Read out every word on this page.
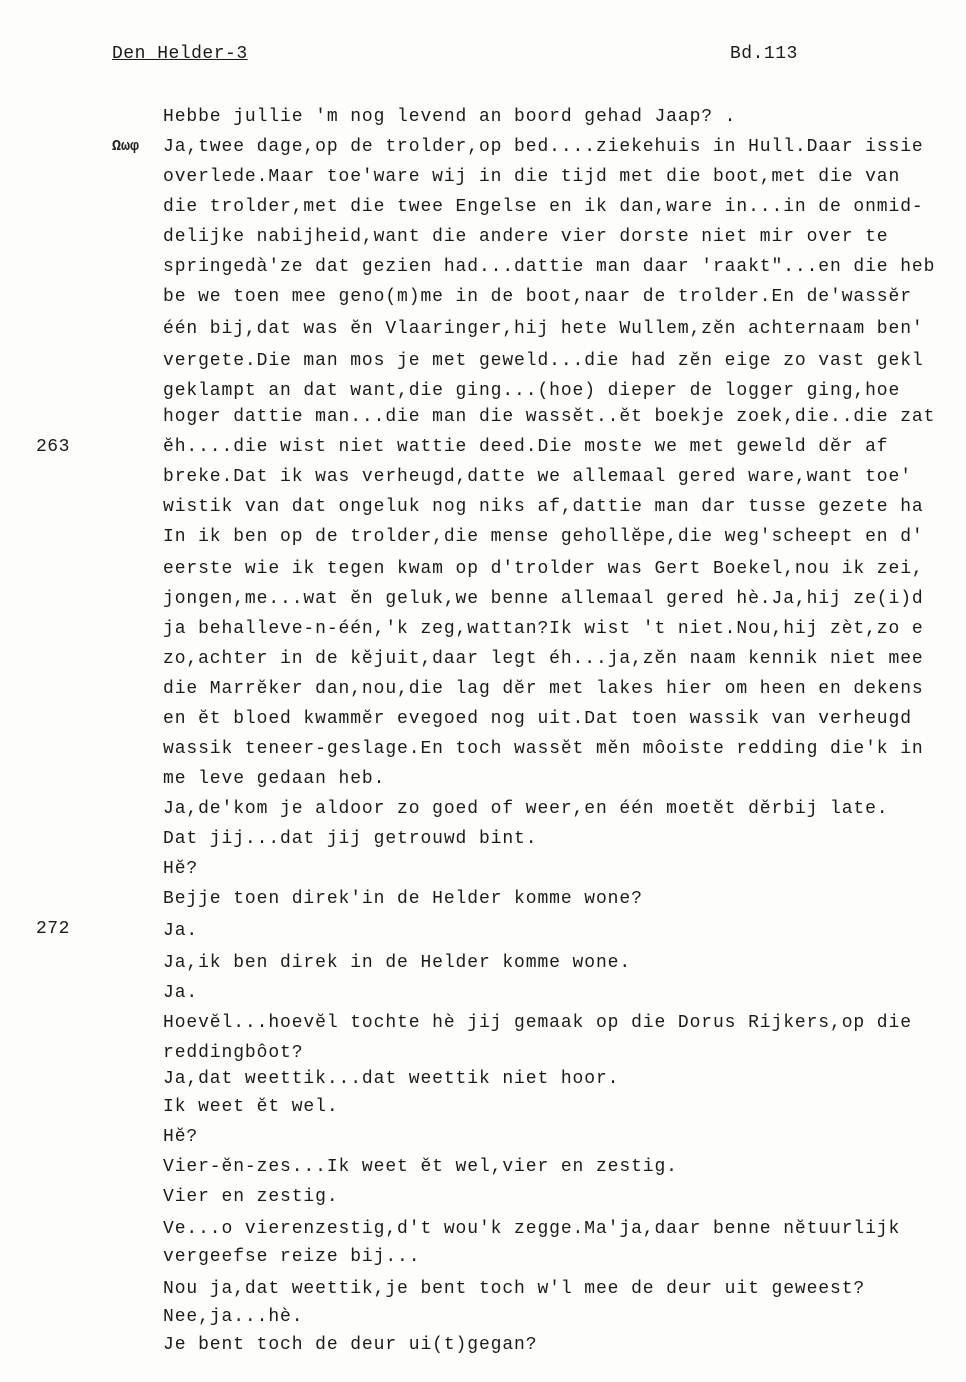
Den Helder-3	Bd.113
Ωωφ
263
272
Hebbe jullie 'm nog levend an boord gehad Jaap? .
Ja,twee dage,op de trolder,op bed....ziekehuis in Hull.Daar issie
overlede.Maar toe'ware wij in die tijd met die boot,met die van
die trolder,met die twee Engelse en ik dan,ware in...in de onmid-
delijke nabijheid,want die andere vier dorste niet mir over te
springedà'ze dat gezien had...dattie man daar 'raakt"...en die heb
be we toen mee geno(m)me in de boot,naar de trolder.En de'wassĕr
één bij,dat was ĕn Vlaaringer,hij hete Wullem,zĕn achternaam ben'
vergete.Die man mos je met geweld...die had zĕn eige zo vast gekl
geklampt an dat want,die ging...(hoe) dieper de logger ging,hoe
hoger dattie man...die man die wassĕt..ĕt boekje zoek,die..die zat
ĕh....die wist niet wattie deed.Die moste we met geweld dĕr af
breke.Dat ik was verheugd,datte we allemaal gered ware,want toe'
wistik van dat ongeluk nog niks af,dattie man dar tusse gezete ha
In ik ben op de trolder,die mense gehollĕpe,die weg'scheept en d'
eerste wie ik tegen kwam op d'trolder was Gert Boekel,nou ik zei,
jongen,me...wat ĕn geluk,we benne allemaal gered hè.Ja,hij ze(i)d
ja behalleve-n-één,'k zeg,wattan?Ik wist 't niet.Nou,hij zèt,zo e
zo,achter in de kĕjuit,daar legt éh...ja,zĕn naam kennik niet mee
die Marrĕker dan,nou,die lag dĕr met lakes hier om heen en dekens
en ĕt bloed kwammĕr evegoed nog uit.Dat toen wassik van verheugd
wassik teneer-geslage.En toch wassĕt mĕn môoiste redding die'k in
me leve gedaan heb.
Ja,de'kom je aldoor zo goed of weer,en één moetĕt dĕrbij late.
Dat jij...dat jij getrouwd bint.
Hĕ?
Bejje toen direk'in de Helder komme wone?
Ja.
Ja,ik ben direk in de Helder komme wone.
Ja.
Hoevĕl...hoevĕl tochte hè jij gemaak op die Dorus Rijkers,op die
reddingbôot?
Ja,dat weettik...dat weettik niet hoor.
Ik weet ĕt wel.
Hĕ?
Vier-ĕn-zes...Ik weet ĕt wel,vier en zestig.
Vier en zestig.
Ve...o vierenzestig,d't wou'k zegge.Ma'ja,daar benne nĕtuurlijk
vergeefse reize bij...
Nou ja,dat weettik,je bent toch w'l mee de deur uit geweest?
Nee,ja...hè.
Je bent toch de deur ui(t)gegan?
